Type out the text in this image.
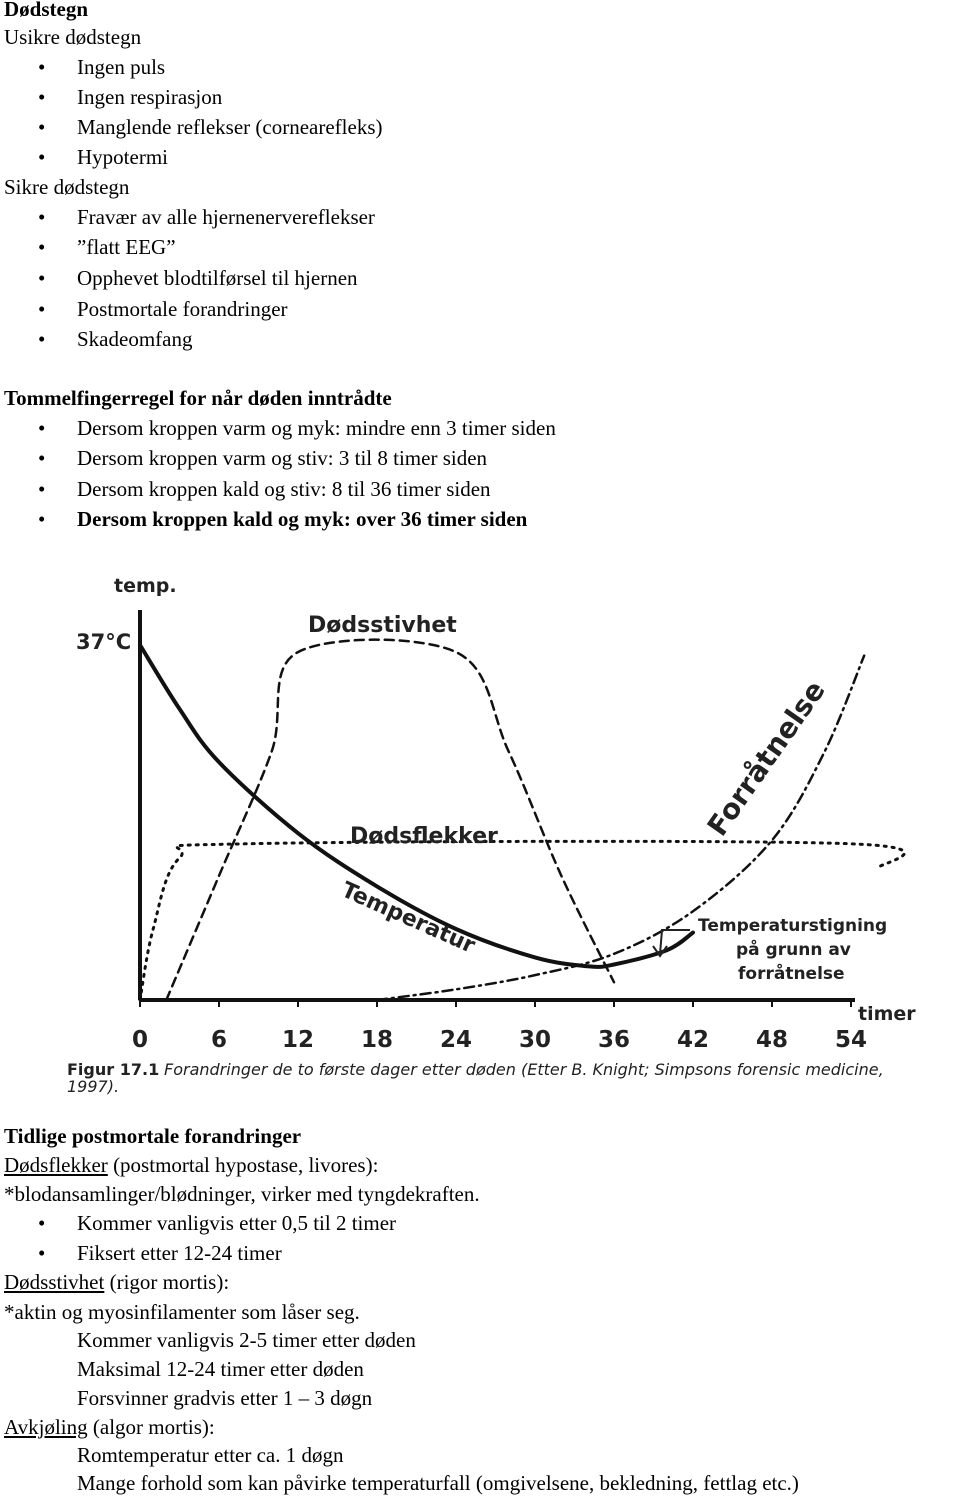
Dødstegn
Usikre dødstegn
• Ingen puls
• Ingen respirasjon
• Manglende reflekser (cornearefleks)
• Hypotermi
Sikre dødstegn
• Fravær av alle hjernenervereflekser
• ”flatt EEG”
• Opphevet blodtilførsel til hjernen
• Postmortale forandringer
• Skadeomfang
Tommelfingerregel for når døden inntrådte
• Dersom kroppen varm og myk: mindre enn 3 timer siden
• Dersom kroppen varm og stiv: 3 til 8 timer siden
• Dersom kroppen kald og stiv: 8 til 36 timer siden
• Dersom kroppen kald og myk: over 36 timer siden
0	6 12 18 24 30 36 42 48 54
temp.
37°C
timer
Dødsstivhet
Dødsflekker
Temperatur
Forråtnelse
Temperaturstigning
på grunn av
forråtnelse
Figur 17.1 Forandringer de to første dager etter døden (Etter B. Knight; Simpsons forensic medicine,
1997).
Tidlige postmortale forandringer
Dødsflekker (postmortal hypostase, livores):
*blodansamlinger/blødninger, virker med tyngdekraften.
• Kommer vanligvis etter 0,5 til 2 timer
• Fiksert etter 12-24 timer
Dødsstivhet (rigor mortis):
*aktin og myosinfilamenter som låser seg.
Kommer vanligvis 2-5 timer etter døden
Maksimal 12-24 timer etter døden
Forsvinner gradvis etter 1 – 3 døgn
Avkjøling (algor mortis):
Romtemperatur etter ca. 1 døgn
Mange forhold som kan påvirke temperaturfall (omgivelsene, bekledning, fettlag etc.)
